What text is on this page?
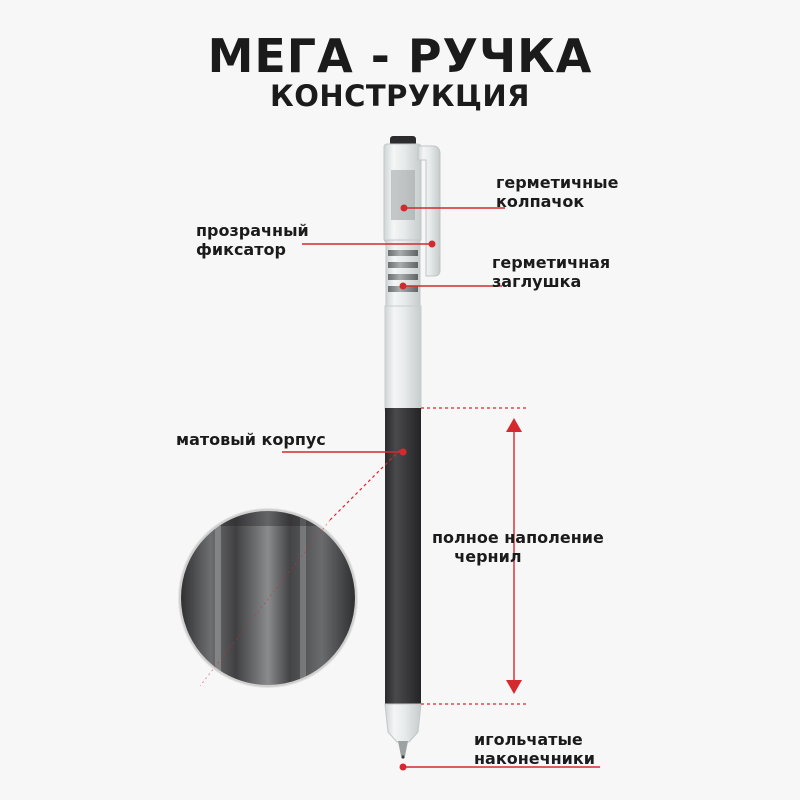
МЕГА - РУЧКА
КОНСТРУКЦИЯ
герметичные
колпачок
прозрачный
фиксатор
герметичная
заглушка
матовый корпус
полное наполение
чернил
игольчатые
наконечники
